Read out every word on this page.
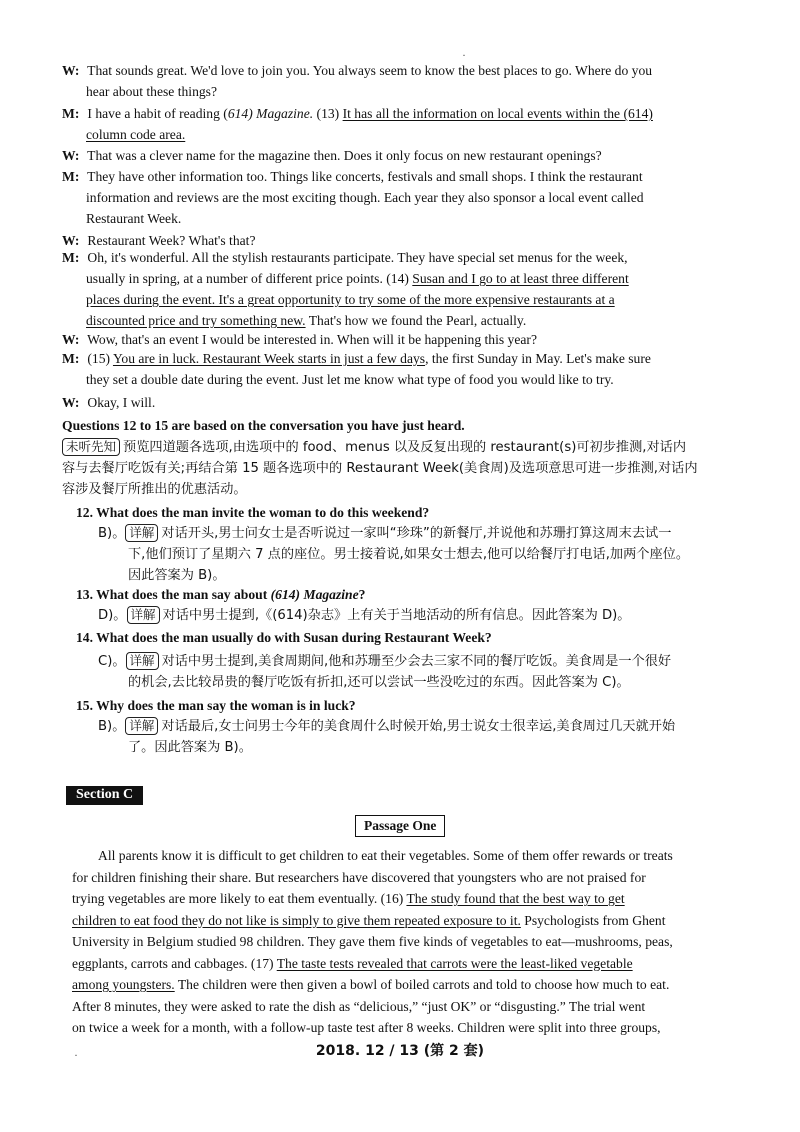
W: That sounds great. We'd love to join you. You always seem to know the best places to go. Where do you
hear about these things?
M: I have a habit of reading (614) Magazine. (13) It has all the information on local events within the (614)
column code area.
W: That was a clever name for the magazine then. Does it only focus on new restaurant openings?
M: They have other information too. Things like concerts, festivals and small shops. I think the restaurant
information and reviews are the most exciting though. Each year they also sponsor a local event called
Restaurant Week.
W: Restaurant Week? What's that?
M: Oh, it's wonderful. All the stylish restaurants participate. They have special set menus for the week,
usually in spring, at a number of different price points. (14) Susan and I go to at least three different
places during the event. It's a great opportunity to try some of the more expensive restaurants at a
discounted price and try something new. That's how we found the Pearl, actually.
W: Wow, that's an event I would be interested in. When will it be happening this year?
M: (15) You are in luck. Restaurant Week starts in just a few days, the first Sunday in May. Let's make sure
they set a double date during the event. Just let me know what type of food you would like to try.
W: Okay, I will.
Questions 12 to 15 are based on the conversation you have just heard.
未听先知 预览四道题各选项,由选项中的 food、menus 以及反复出现的 restaurant(s)可初步推测,对话内
容与去餐厅吃饭有关;再结合第 15 题各选项中的 Restaurant Week(美食周)及选项意思可进一步推测,对话内
容涉及餐厅所推出的优惠活动。
12. What does the man invite the woman to do this weekend?
B)。 详解 对话开头,男士问女士是否听说过一家叫“珍珠”的新餐厅,并说他和苏珊打算这周末去试一
下,他们预订了星期六 7 点的座位。男士接着说,如果女士想去,他可以给餐厅打电话,加两个座位。
因此答案为 B)。
13. What does the man say about (614) Magazine?
D)。 详解 对话中男士提到,《(614)杂志》上有关于当地活动的所有信息。因此答案为 D)。
14. What does the man usually do with Susan during Restaurant Week?
C)。 详解 对话中男士提到,美食周期间,他和苏珊至少会去三家不同的餐厅吃饭。美食周是一个很好
的机会,去比较昂贵的餐厅吃饭有折扣,还可以尝试一些没吃过的东西。因此答案为 C)。
15. Why does the man say the woman is in luck?
B)。 详解 对话最后,女士问男士今年的美食周什么时候开始,男士说女士很幸运,美食周过几天就开始
了。因此答案为 B)。
Section C
Passage One
All parents know it is difficult to get children to eat their vegetables. Some of them offer rewards or treats
for children finishing their share. But researchers have discovered that youngsters who are not praised for
trying vegetables are more likely to eat them eventually. (16) The study found that the best way to get
children to eat food they do not like is simply to give them repeated exposure to it. Psychologists from Ghent
University in Belgium studied 98 children. They gave them five kinds of vegetables to eat—mushrooms, peas,
eggplants, carrots and cabbages. (17) The taste tests revealed that carrots were the least-liked vegetable
among youngsters. The children were then given a bowl of boiled carrots and told to choose how much to eat.
After 8 minutes, they were asked to rate the dish as “delicious,” “just OK” or “disgusting.” The trial went
on twice a week for a month, with a follow-up taste test after 8 weeks. Children were split into three groups,
2018. 12 / 13 (第 2 套)
·
·
